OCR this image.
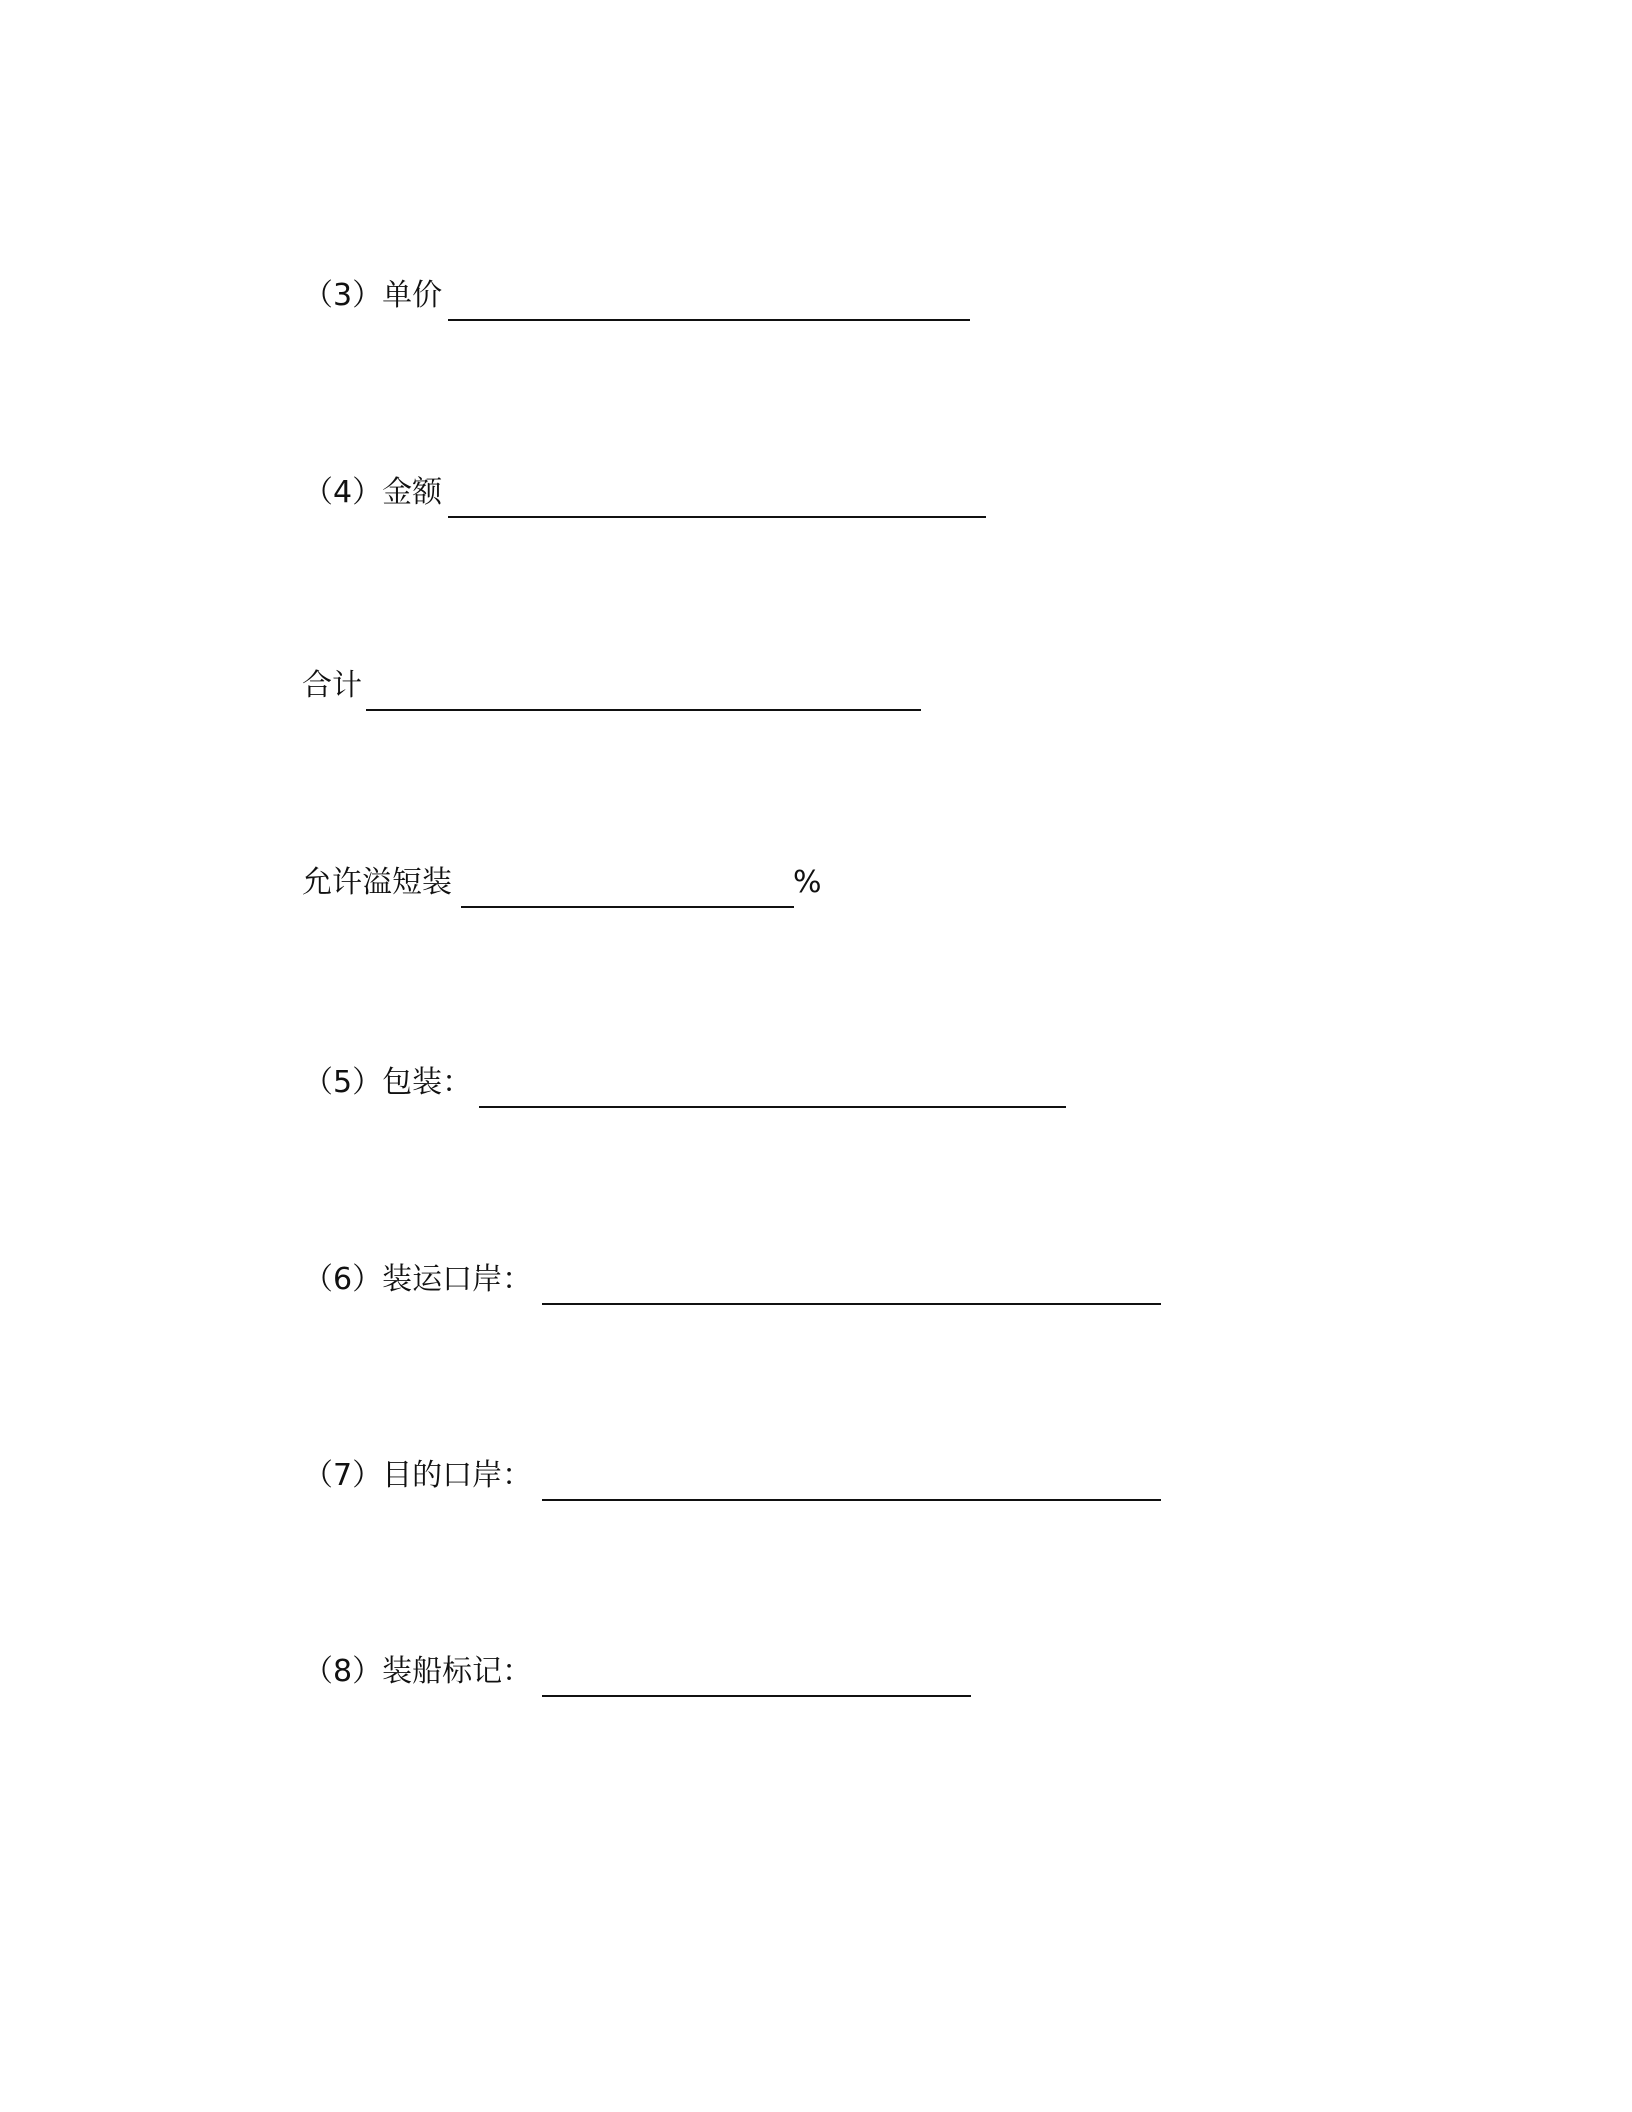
（3）单价
（4）金额
合计
允许溢短装	%
（5）包装：
（6）装运口岸：
（7）目的口岸：
（8）装船标记：
